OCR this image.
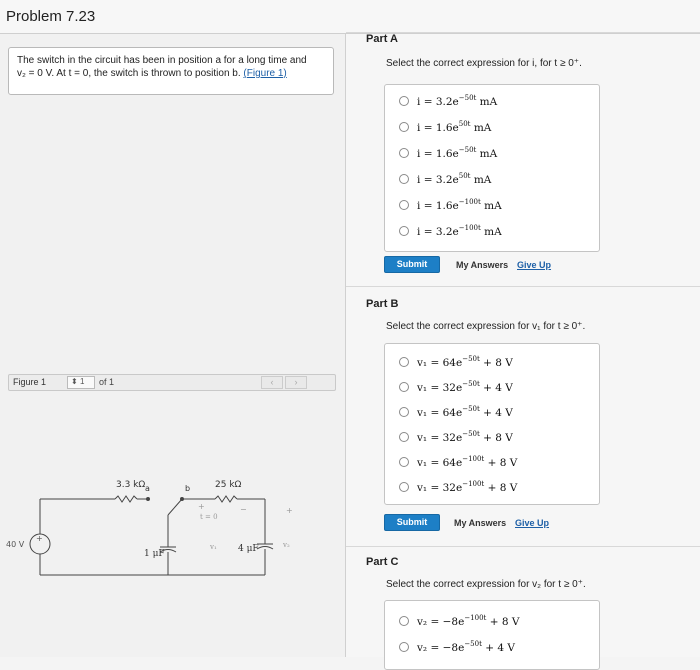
Problem 7.23
The switch in the circuit has been in position a for a long time and
v₂ = 0 V. At t = 0, the switch is thrown to position b. (Figure 1)
Figure 1	⬍ 1	of 1	‹	›
3.3 kΩ a	b	25 kΩ
40 V
+
1 μF	4 μF
v₁	v₂
t = 0
+	−	+
Part A
Select the correct expression for i, for t ≥ 0⁺.
$i = 3.2e^{-50t}$ mA
$i = 1.6e^{50t}$ mA
$i = 1.6e^{-50t}$ mA
$i = 3.2e^{50t}$ mA
$i = 1.6e^{-100t}$ mA
$i = 3.2e^{-100t}$ mA
Submit	My Answers Give Up
Part B
Select the correct expression for v₁ for t ≥ 0⁺.
$v_1 = 64e^{-50t} + 8$ V
$v_1 = 32e^{-50t} + 4$ V
$v_1 = 64e^{-50t} + 4$ V
$v_1 = 32e^{-50t} + 8$ V
$v_1 = 64e^{-100t} + 8$ V
$v_1 = 32e^{-100t} + 8$ V
Submit	My Answers Give Up
Part C
Select the correct expression for v₂ for t ≥ 0⁺.
$v_2 = -8e^{-100t} + 8$ V
$v_2 = -8e^{-50t} + 4$ V
